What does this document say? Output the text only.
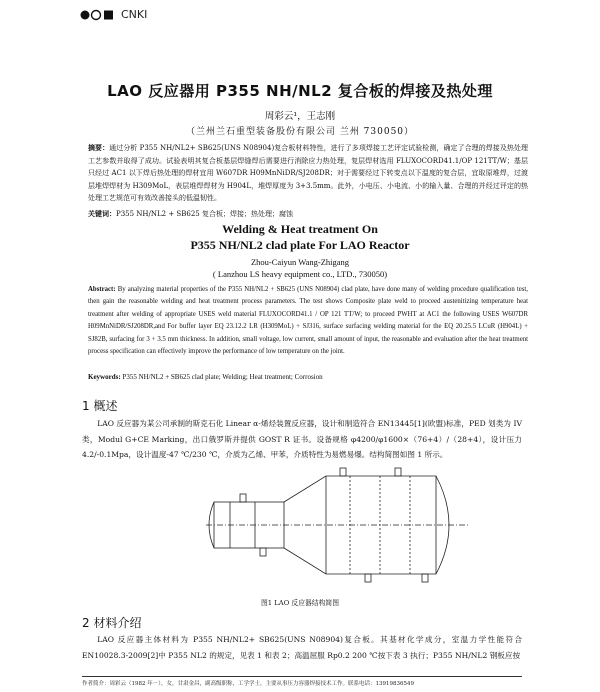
CNKI
LAO 反应器用 P355 NH/NL2 复合板的焊接及热处理
周彩云¹，王志刚
（兰州兰石重型装备股份有限公司 兰州 730050）
摘要：通过分析 P355 NH/NL2+ SB625(UNS N08904)复合板材料特性，进行了多项焊接工艺评定试验检测，确定了合理的焊接及热处理工艺参数并取得了成功。试验表明其复合板基层焊缝焊后需要进行消除应力热处理，复层焊材选用 FLUXOCORD41.1/OP 121TT/W；基层只经过 AC1 以下焊后热处理的焊材宜用 W607DR H09MnNiDR/SJ208DR；对于需要经过下转变点以下温度的复合层，宜取原堆焊，过渡层堆焊焊材为 H309MoL，表层堆焊焊材为 H904L，堆焊厚度为 3+3.5mm。此外，小电压、小电流、小的输入量、合理的并经过评定的热处理工艺规范可有效改善接头的低温韧性。
关键词：P355 NH/NL2 + SB625 复合板；焊接；热处理；腐蚀
Welding & Heat treatment On
P355 NH/NL2 clad plate For LAO Reactor
Zhou-Caiyun Wang-Zhigang
( Lanzhou LS heavy equipment co., LTD., 730050)
Abstract: By analyzing material properties of the P355 NH/NL2 + SB625 (UNS N08904) clad plate, have done many of welding procedure qualification test, then gain the reasonable welding and heat treatment process parameters. The test shows Composite plate weld to proceed austenitizing temperature heat treatment after welding of appropriate USES weld material FLUXOCORD41.1 / OP 121 TT/W; to proceed PWHT at AC1 the following USES W607DR H09MnNiDR/SJ208DR,and For buffer layer EQ 23.12.2 LR (H309MoL) + SJ316, surface surfacing welding material for the EQ 20.25.5 LCuR (H904L) + SJ82B, surfacing for 3 + 3.5 mm thickness. In addition, small voltage, low current, small amount of input, the reasonable and evaluation after the heat treatment process specification can effectively improve the performance of low temperature on the joint.
Keywords: P355 NH/NL2 + SB625 clad plate; Welding; Heat treatment; Corrosion
1 概述
LAO 反应器为某公司承制的斯克石化 Linear α-烯烃装置反应器，设计和制造符合 EN13445[1](欧盟)标准，PED 划类为 IV类，Modul G+CE Marking，出口俄罗斯并提供 GOST R 证书。设备规格 φ4200/φ1600×（76+4）/（28+4），设计压力 4.2/-0.1Mpa，设计温度-47 ℃/230 ℃，介质为乙烯、甲苯，介质特性为易燃易爆。结构简图如图 1 所示。
图1 LAO 反应器结构简图
2 材料介绍
LAO 反应器主体材料为 P355 NH/NL2+ SB625(UNS N08904)复合板。其基材化学成分，室温力学性能符合 EN10028.3-2009[2]中 P355 NL2 的规定，见表 1 和表 2；高温屈服 Rp0.2 200 ℃按下表 3 执行；P355 NH/NL2 钢板应按
作者简介：周彩云（1982 年－），女，甘肃金昌，副高级职称，工学学士，主要从事压力容器焊接技术工作。联系电话：13919836549
